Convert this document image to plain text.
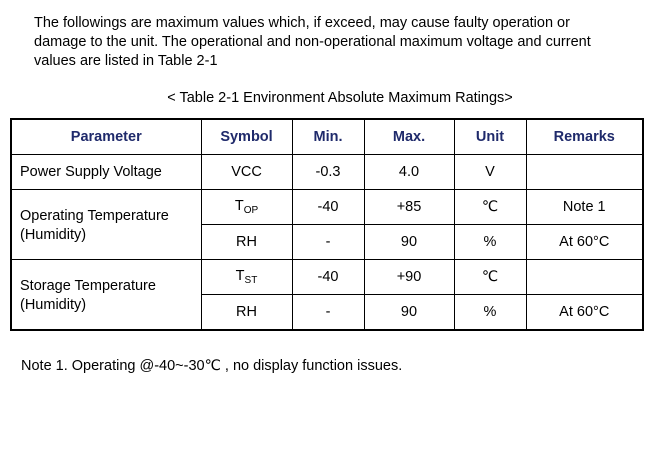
The followings are maximum values which, if exceed, may cause faulty operation or
damage to the unit. The operational and non-operational maximum voltage and current
values are listed in Table 2-1
< Table 2-1 Environment Absolute Maximum Ratings>
Parameter	Symbol	Min.	Max.	Unit	Remarks
Power Supply Voltage	VCC	-0.3	4.0	V	

Operating Temperature
(Humidity)	$T_{OP}$	-40	+85	℃	Note 1
	RH	-	90	%	At 60°C

Storage Temperature
(Humidity)	$T_{ST}$	-40	+90	℃	
	RH	-	90	%	At 60°C
Note 1. Operating @-40~-30℃ , no display function issues.
